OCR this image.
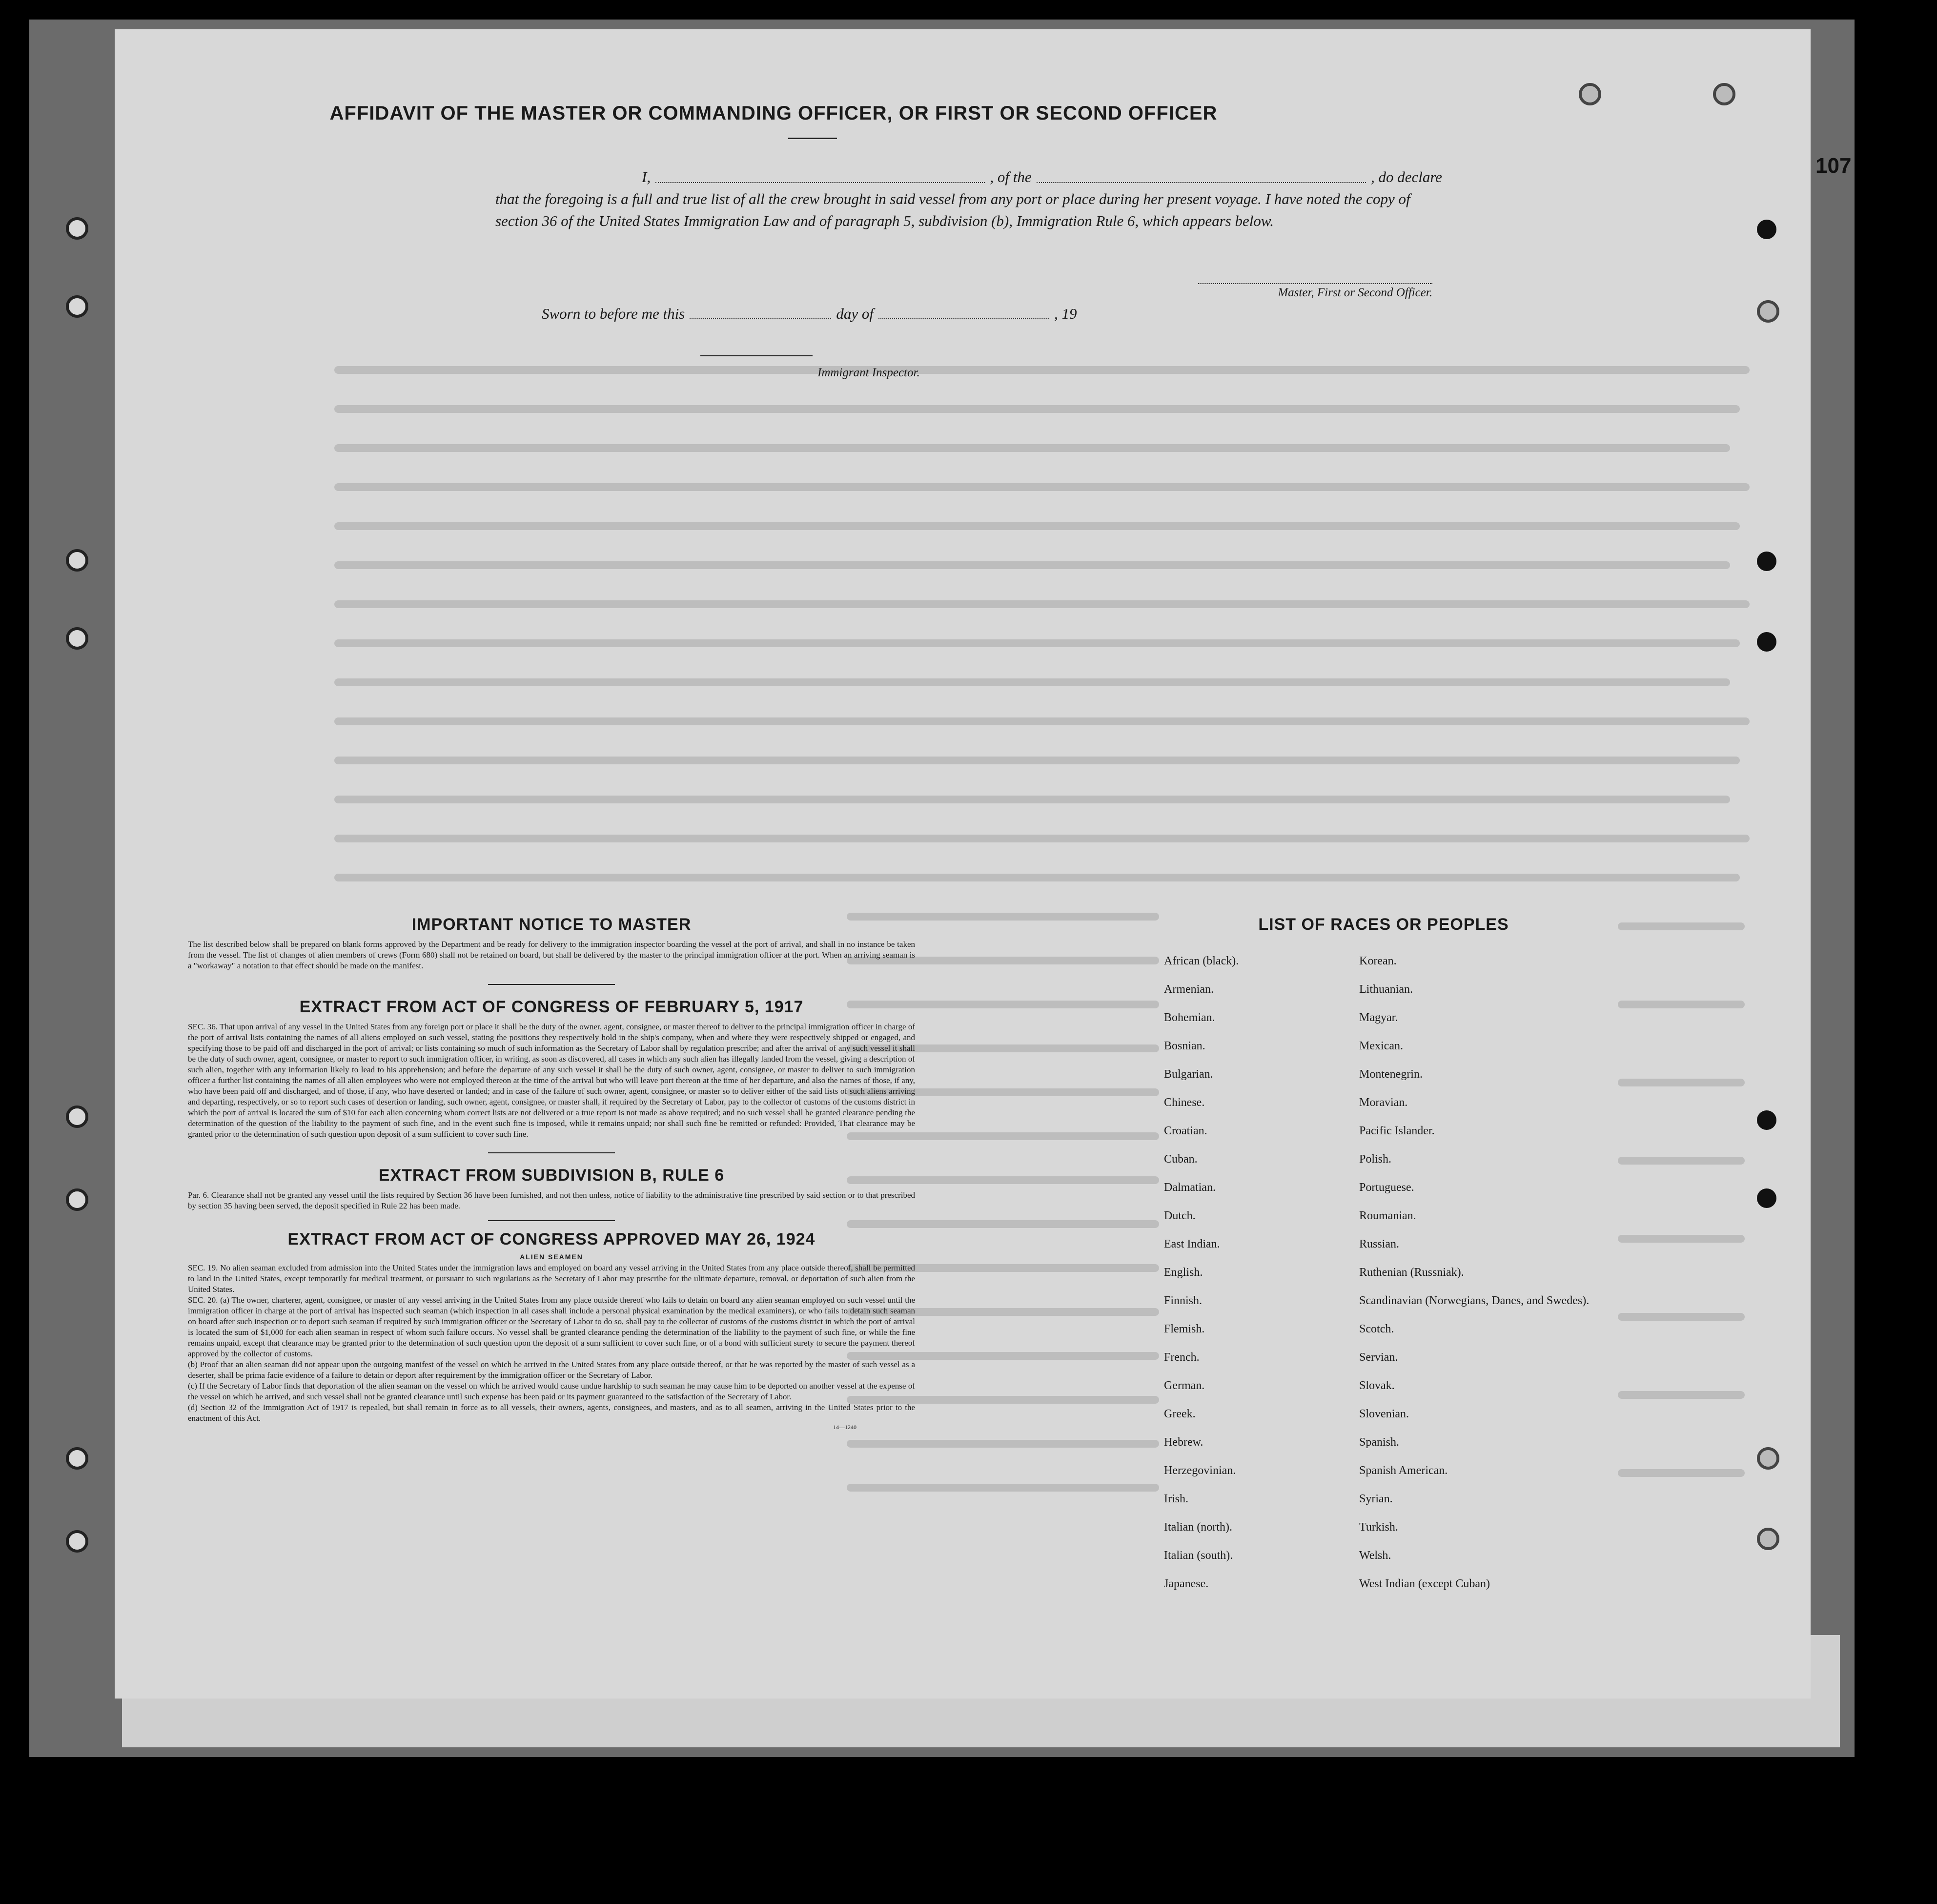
107
AFFIDAVIT OF THE MASTER OR COMMANDING OFFICER, OR FIRST OR SECOND OFFICER
I,	, of the	, do declare
that the foregoing is a full and true list of all the crew brought in said vessel from any port or place during her present voyage. I have noted the copy of section 36 of the United States Immigration Law and of paragraph 5, subdivision (b), Immigration Rule 6, which appears below.
Master, First or Second Officer.
Sworn to before me this	day of	, 19
Immigrant Inspector.
IMPORTANT NOTICE TO MASTER

The list described below shall be prepared on blank forms approved by the Department and be ready for delivery to the immigration inspector boarding the vessel at the port of arrival, and shall in no instance be taken from the vessel. The list of changes of alien members of crews (Form 680) shall not be retained on board, but shall be delivered by the master to the principal immigration officer at the port. When an arriving seaman is a "workaway" a notation to that effect should be made on the manifest.

EXTRACT FROM ACT OF CONGRESS OF FEBRUARY 5, 1917

SEC. 36. That upon arrival of any vessel in the United States from any foreign port or place it shall be the duty of the owner, agent, consignee, or master thereof to deliver to the principal immigration officer in charge of the port of arrival lists containing the names of all aliens employed on such vessel, stating the positions they respectively hold in the ship's company, when and where they were respectively shipped or engaged, and specifying those to be paid off and discharged in the port of arrival; or lists containing so much of such information as the Secretary of Labor shall by regulation prescribe; and after the arrival of any such vessel it shall be the duty of such owner, agent, consignee, or master to report to such immigration officer, in writing, as soon as discovered, all cases in which any such alien has illegally landed from the vessel, giving a description of such alien, together with any information likely to lead to his apprehension; and before the departure of any such vessel it shall be the duty of such owner, agent, consignee, or master to deliver to such immigration officer a further list containing the names of all alien employees who were not employed thereon at the time of the arrival but who will leave port thereon at the time of her departure, and also the names of those, if any, who have been paid off and discharged, and of those, if any, who have deserted or landed; and in case of the failure of such owner, agent, consignee, or master so to deliver either of the said lists of such aliens arriving and departing, respectively, or so to report such cases of desertion or landing, such owner, agent, consignee, or master shall, if required by the Secretary of Labor, pay to the collector of customs of the customs district in which the port of arrival is located the sum of $10 for each alien concerning whom correct lists are not delivered or a true report is not made as above required; and no such vessel shall be granted clearance pending the determination of the question of the liability to the payment of such fine, and in the event such fine is imposed, while it remains unpaid; nor shall such fine be remitted or refunded: Provided, That clearance may be granted prior to the determination of such question upon deposit of a sum sufficient to cover such fine.

EXTRACT FROM SUBDIVISION B, RULE 6

Par. 6. Clearance shall not be granted any vessel until the lists required by Section 36 have been furnished, and not then unless, notice of liability to the administrative fine prescribed by said section or to that prescribed by section 35 having been served, the deposit specified in Rule 22 has been made.

EXTRACT FROM ACT OF CONGRESS APPROVED MAY 26, 1924
ALIEN SEAMEN

SEC. 19. No alien seaman excluded from admission into the United States under the immigration laws and employed on board any vessel arriving in the United States from any place outside thereof, shall be permitted to land in the United States, except temporarily for medical treatment, or pursuant to such regulations as the Secretary of Labor may prescribe for the ultimate departure, removal, or deportation of such alien from the United States.

SEC. 20. (a) The owner, charterer, agent, consignee, or master of any vessel arriving in the United States from any place outside thereof who fails to detain on board any alien seaman employed on such vessel until the immigration officer in charge at the port of arrival has inspected such seaman (which inspection in all cases shall include a personal physical examination by the medical examiners), or who fails to detain such seaman on board after such inspection or to deport such seaman if required by such immigration officer or the Secretary of Labor to do so, shall pay to the collector of customs of the customs district in which the port of arrival is located the sum of $1,000 for each alien seaman in respect of whom such failure occurs. No vessel shall be granted clearance pending the determination of the liability to the payment of such fine, or while the fine remains unpaid, except that clearance may be granted prior to the determination of such question upon the deposit of a sum sufficient to cover such fine, or of a bond with sufficient surety to secure the payment thereof approved by the collector of customs.

(b) Proof that an alien seaman did not appear upon the outgoing manifest of the vessel on which he arrived in the United States from any place outside thereof, or that he was reported by the master of such vessel as a deserter, shall be prima facie evidence of a failure to detain or deport after requirement by the immigration officer or the Secretary of Labor.

(c) If the Secretary of Labor finds that deportation of the alien seaman on the vessel on which he arrived would cause undue hardship to such seaman he may cause him to be deported on another vessel at the expense of the vessel on which he arrived, and such vessel shall not be granted clearance until such expense has been paid or its payment guaranteed to the satisfaction of the Secretary of Labor.

(d) Section 32 of the Immigration Act of 1917 is repealed, but shall remain in force as to all vessels, their owners, agents, consignees, and masters, and as to all seamen, arriving in the United States prior to the enactment of this Act.

14—1240
LIST OF RACES OR PEOPLES
African (black).	Korean.
Armenian.	Lithuanian.
Bohemian.	Magyar.
Bosnian.	Mexican.
Bulgarian.	Montenegrin.
Chinese.	Moravian.
Croatian.	Pacific Islander.
Cuban.	Polish.
Dalmatian.	Portuguese.
Dutch.	Roumanian.
East Indian.	Russian.
English.	Ruthenian (Russniak).
Finnish.	Scandinavian (Norwegians, Danes, and Swedes).
Flemish.	Scotch.
French.	Servian.
German.	Slovak.
Greek.	Slovenian.
Hebrew.	Spanish.
Herzegovinian.	Spanish American.
Irish.	Syrian.
Italian (north).	Turkish.
Italian (south).	Welsh.
Japanese.	West Indian (except Cuban)
